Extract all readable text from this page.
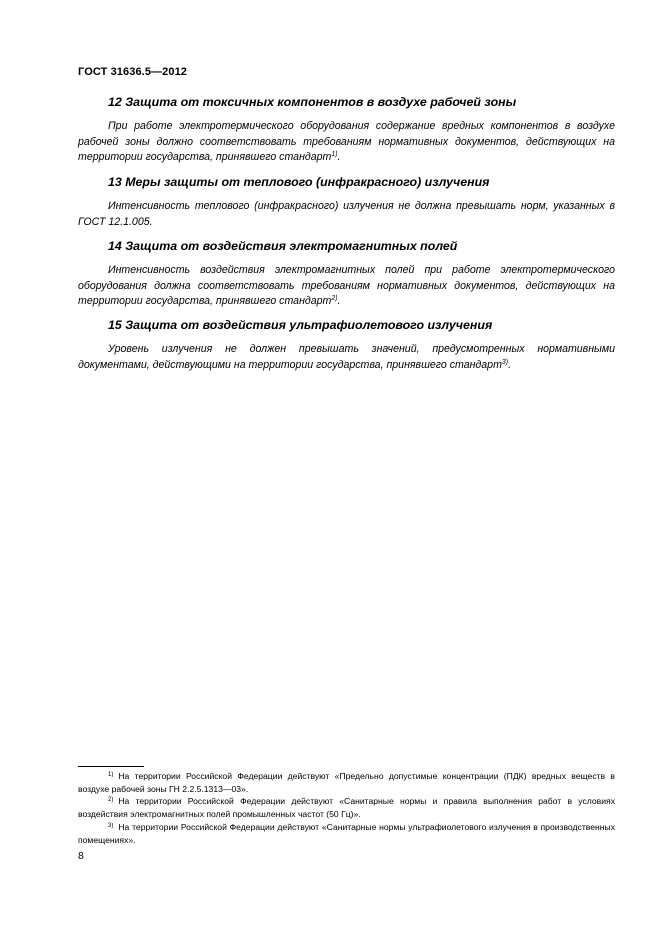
ГОСТ 31636.5—2012
12 Защита от токсичных компонентов в воздухе рабочей зоны
При работе электротермического оборудования содержание вредных компонентов в воздухе рабочей зоны должно соответствовать требованиям нормативных документов, действующих на территории государства, принявшего стандарт$^{1)}$.
13 Меры защиты от теплового (инфракрасного) излучения
Интенсивность теплового (инфракрасного) излучения не должна превышать норм, указанных в ГОСТ 12.1.005.
14 Защита от воздействия электромагнитных полей
Интенсивность воздействия электромагнитных полей при работе электротермического оборудования должна соответствовать требованиям нормативных документов, действующих на территории государства, принявшего стандарт$^{2)}$.
15 Защита от воздействия ультрафиолетового излучения
Уровень излучения не должен превышать значений, предусмотренных нормативными документами, действующими на территории государства, принявшего стандарт$^{3)}$.
$^{1)}$ На территории Российской Федерации действуют «Предельно допустимые концентрации (ПДК) вредных веществ в воздухе рабочей зоны ГН 2.2.5.1313—03».
$^{2)}$ На территории Российской Федерации действуют «Санитарные нормы и правила выполнения работ в условиях воздействия электромагнитных полей промышленных частот (50 Гц)».
$^{3)}$ На территории Российской Федерации действуют «Санитарные нормы ультрафиолетового излучения в производственных помещениях».
8
